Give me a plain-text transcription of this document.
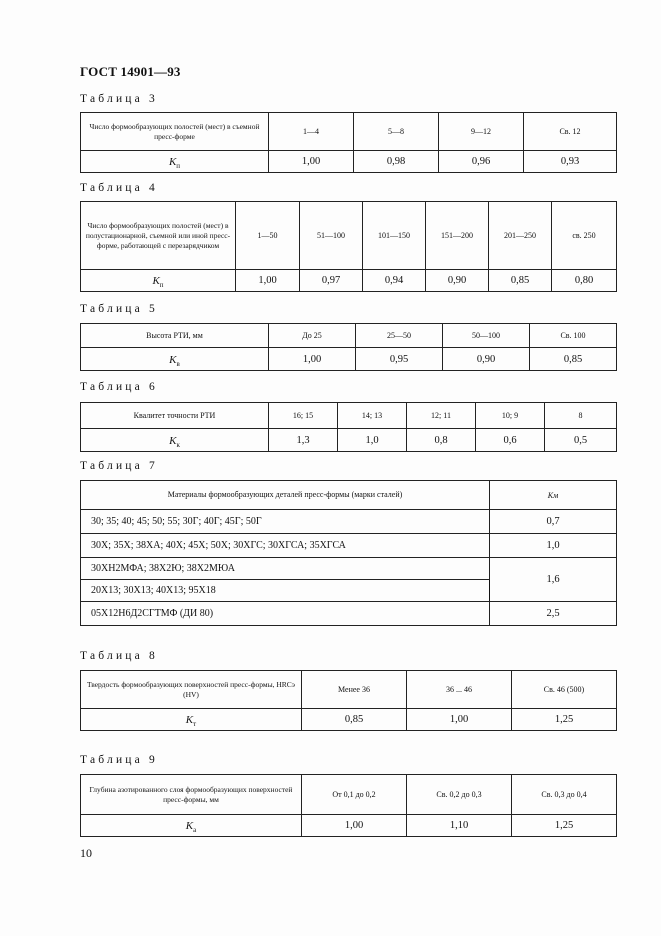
ГОСТ 14901—93
Таблица 3
Число формообразующих полостей (мест) в съемной пресс-форме	1—4	5—8	9—12	Св. 12
$K_п$	1,00	0,98	0,96	0,93
Таблица 4
Число формообразующих полостей (мест) в полустационарной, съемной или иной пресс-форме, работающей с перезарядчиком	1—50	51—100	101—150	151—200	201—250	св. 250
$K_п$	1,00	0,97	0,94	0,90	0,85	0,80
Таблица 5
Высота РТИ, мм	До 25	25—50	50—100	Св. 100
$K_в$	1,00	0,95	0,90	0,85
Таблица 6
Квалитет точности РТИ	16; 15	14; 13	12; 11	10; 9	8
$K_к$	1,3	1,0	0,8	0,6	0,5
Таблица 7
Материалы формообразующих деталей пресс-формы (марки сталей)	Kм
30; 35; 40; 45; 50; 55; 30Г; 40Г; 45Г; 50Г	0,7
30Х; 35Х; 38ХА; 40Х; 45Х; 50Х; 30ХГС; 30ХГСА; 35ХГСА	1,0
30ХН2МФА; 38Х2Ю; 38Х2МЮА	1,6
20Х13; 30Х13; 40Х13; 95Х18	
05Х12Н6Д2СГТМФ (ДИ 80)	2,5
Таблица 8
Твердость формообразующих поверхностей пресс-формы, HRCэ (HV)	Менее 36	36 ... 46	Св. 46 (500)
$K_т$	0,85	1,00	1,25
Таблица 9
Глубина азотированного слоя формообразующих поверхностей пресс-формы, мм	От 0,1 до 0,2	Св. 0,2 до 0,3	Св. 0,3 до 0,4
$K_а$	1,00	1,10	1,25
10
